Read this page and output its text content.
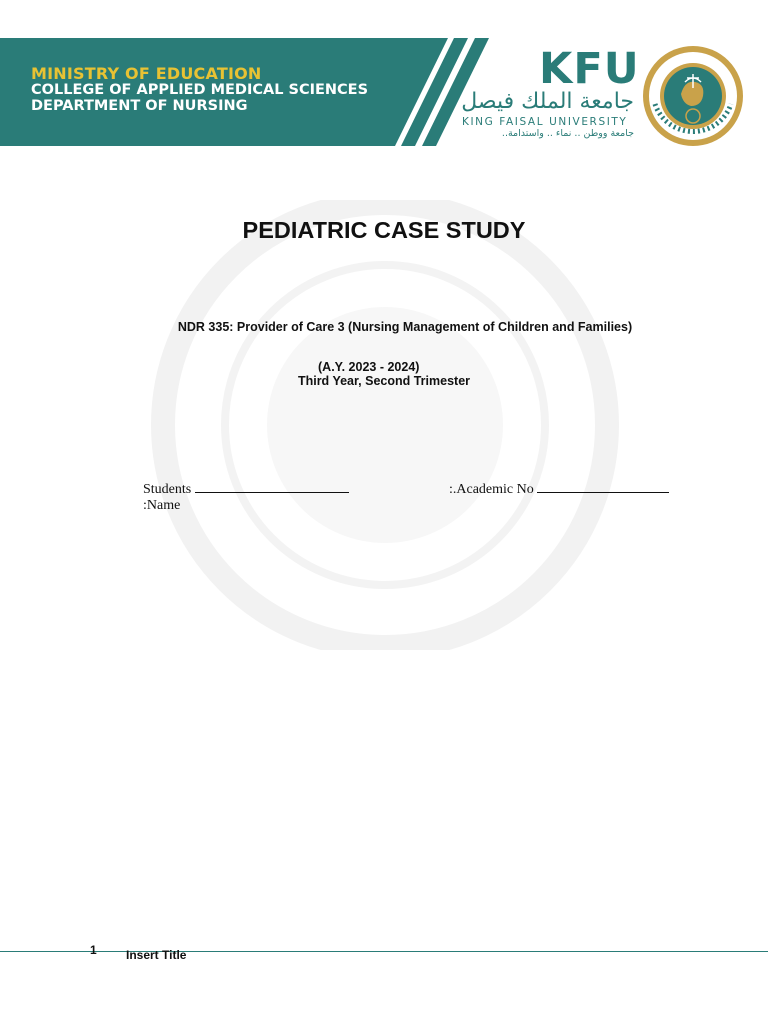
MINISTRY OF EDUCATION
COLLEGE OF APPLIED MEDICAL SCIENCES
DEPARTMENT OF NURSING
KFU
جامعة الملك فيصل
KING FAISAL UNIVERSITY
جامعة ووطن .. نماء .. واستدامة..
PEDIATRIC CASE STUDY
NDR 335: Provider of Care 3 (Nursing Management of Children and Families)
(A.Y. 2023 - 2024)
Third Year, Second Trimester
Students
:Name
:.Academic No
1 Insert Title
